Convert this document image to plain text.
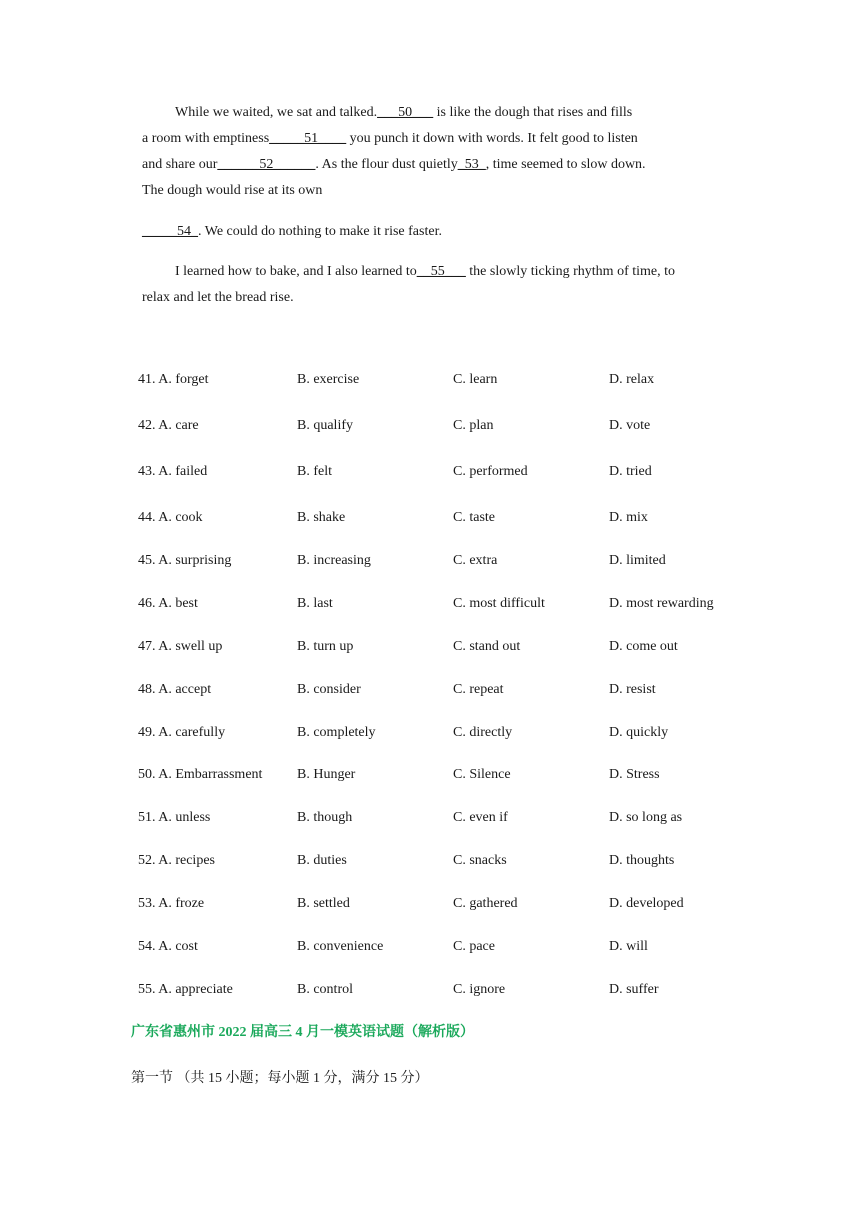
While we waited, we sat and talked.___50___ is like the dough that rises and fills
a room with emptiness_____51____ you punch it down with words. It felt good to listen
and share our______52______. As the flour dust quietly_53_, time seemed to slow down.
The dough would rise at its own
_____54_. We could do nothing to make it rise faster.
I learned how to bake, and I also learned to__55___ the slowly ticking rhythm of time, to
relax and let the bread rise.
41. A. forget	B. exercise	C. learn	D. relax
42. A. care	B. qualify	C. plan	D. vote
43. A. failed	B. felt	C. performed	D. tried
44. A. cook	B. shake	C. taste	D. mix
45. A. surprising	B. increasing	C. extra	D. limited
46. A. best	B. last	C. most difficult	D. most rewarding
47. A. swell up	B. turn up	C. stand out	D. come out
48. A. accept	B. consider	C. repeat	D. resist
49. A. carefully	B. completely	C. directly	D. quickly
50. A. Embarrassment B. Hunger	C. Silence	D. Stress
51. A. unless	B. though	C. even if	D. so long as
52. A. recipes	B. duties	C. snacks	D. thoughts
53. A. froze	B. settled	C. gathered	D. developed
54. A. cost	B. convenience	C. pace	D. will
55. A. appreciate	B. control	C. ignore	D. suffer
广东省惠州市 2022 届高三 4 月一模英语试题（解析版）
第一节 （共 15 小题；每小题 1 分，满分 15 分）
